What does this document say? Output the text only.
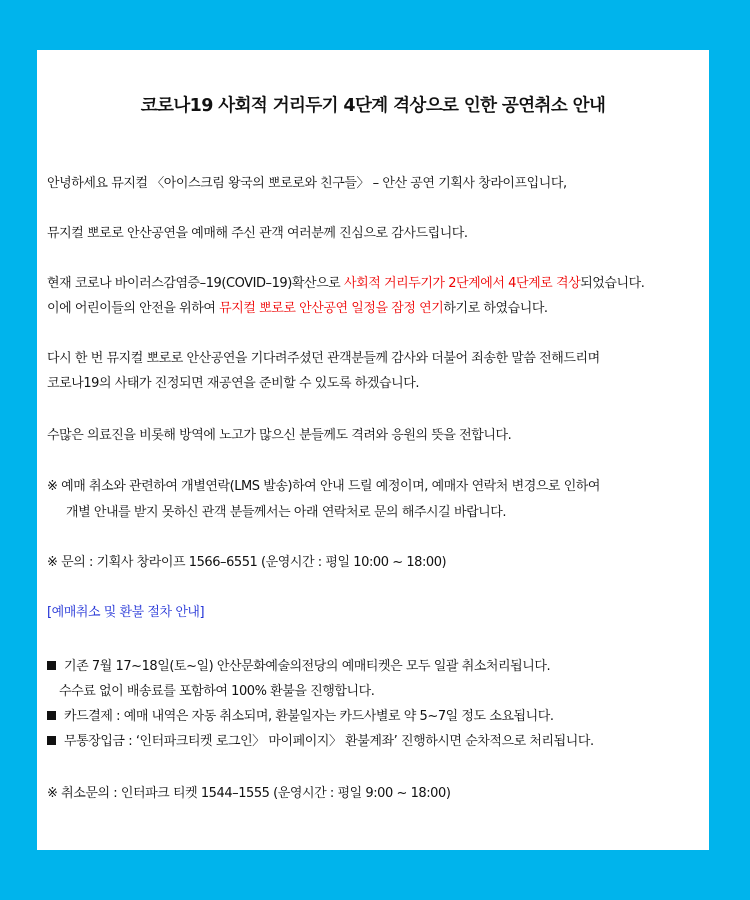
코로나19 사회적 거리두기 4단계 격상으로 인한 공연취소 안내

안녕하세요 뮤지컬 〈아이스크림 왕국의 뽀로로와 친구들〉 – 안산 공연 기획사 창라이프입니다,

뮤지컬 뽀로로 안산공연을 예매해 주신 관객 여러분께 진심으로 감사드립니다.

현재 코로나 바이러스감염증–19(COVID–19)확산으로 사회적 거리두기가 2단계에서 4단계로 격상되었습니다.

이에 어린이들의 안전을 위하여 뮤지컬 뽀로로 안산공연 일정을 잠정 연기하기로 하였습니다.

다시 한 번 뮤지컬 뽀로로 안산공연을 기다려주셨던 관객분들께 감사와 더불어 죄송한 말씀 전해드리며

코로나19의 사태가 진정되면 재공연을 준비할 수 있도록 하겠습니다.

수많은 의료진을 비롯해 방역에 노고가 많으신 분들께도 격려와 응원의 뜻을 전합니다.

※ 예매 취소와 관련하여 개별연락(LMS 발송)하여 안내 드릴 예정이며, 예매자 연락처 변경으로 인하여

개별 안내를 받지 못하신 관객 분들께서는 아래 연락처로 문의 해주시길 바랍니다.

※ 문의 : 기획사 창라이프 1566–6551 (운영시간 : 평일 10:00 ~ 18:00)

[예매취소 및 환불 절차 안내]

기존 7월 17~18일(토~일) 안산문화예술의전당의 예매티켓은 모두 일괄 취소처리됩니다.

수수료 없이 배송료를 포함하여 100% 환불을 진행합니다.

카드결제 : 예매 내역은 자동 취소되며, 환불일자는 카드사별로 약 5~7일 정도 소요됩니다.

무통장입금 : ‘인터파크티켓 로그인〉 마이페이지〉 환불계좌’ 진행하시면 순차적으로 처리됩니다.

※ 취소문의 : 인터파크 티켓 1544–1555 (운영시간 : 평일 9:00 ~ 18:00)
